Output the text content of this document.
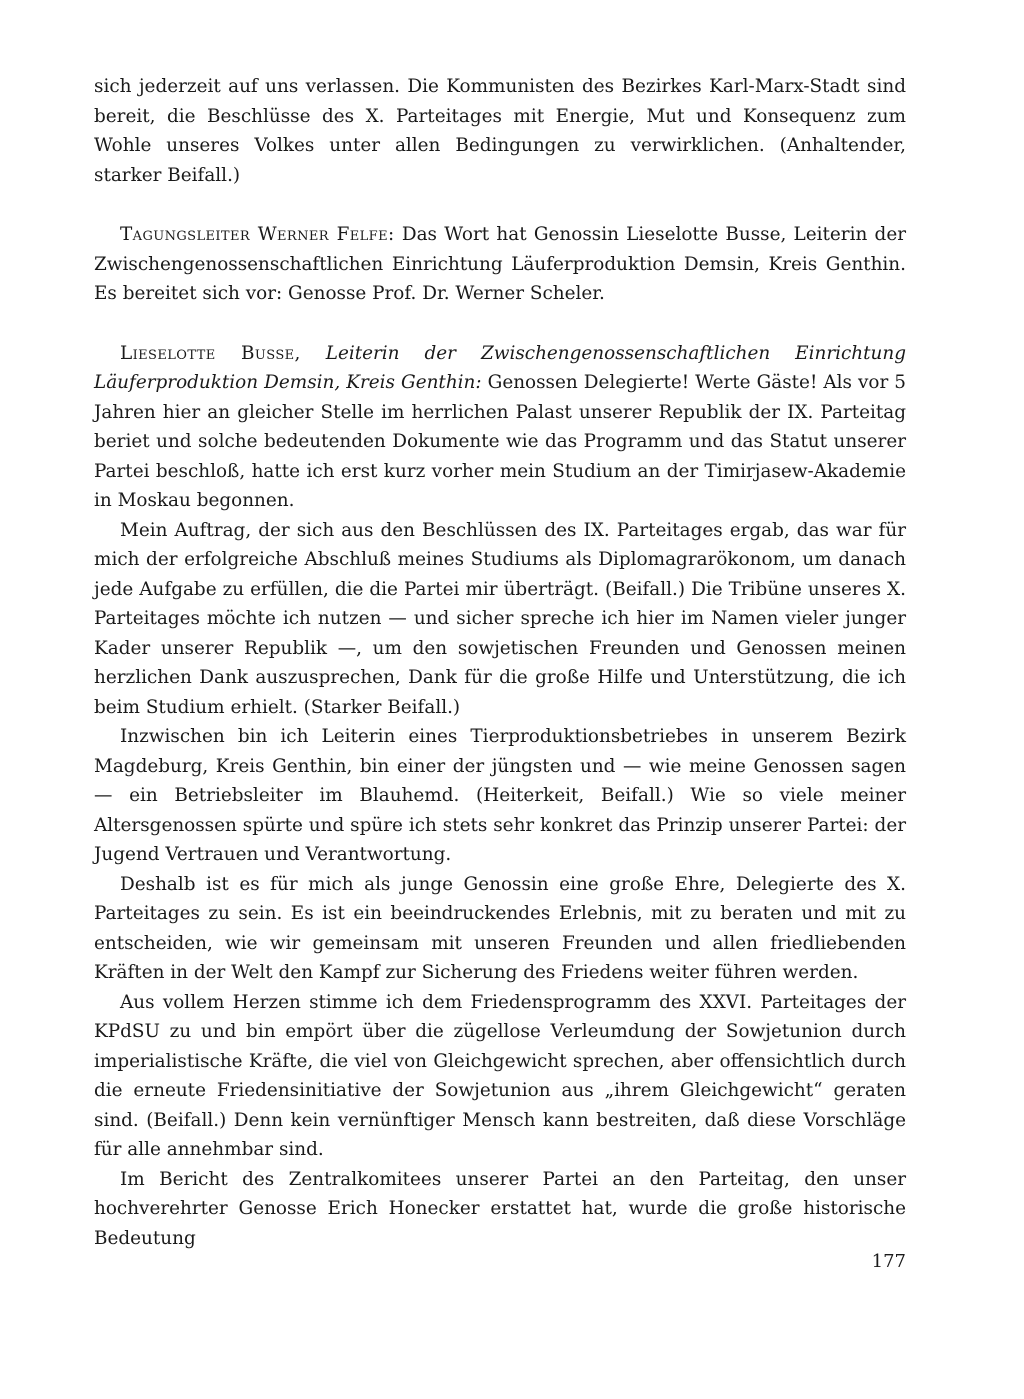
sich jederzeit auf uns verlassen. Die Kommunisten des Bezirkes Karl-Marx-Stadt sind bereit, die Beschlüsse des X. Parteitages mit Energie, Mut und Konsequenz zum Wohle unseres Volkes unter allen Bedingungen zu verwirklichen. (Anhaltender, starker Beifall.)

Tagungsleiter Werner Felfe: Das Wort hat Genossin Lieselotte Busse, Leiterin der Zwischengenossenschaftlichen Einrichtung Läuferproduktion Demsin, Kreis Genthin. Es bereitet sich vor: Genosse Prof. Dr. Werner Scheler.

Lieselotte Busse, Leiterin der Zwischengenossenschaftlichen Einrichtung Läuferproduktion Demsin, Kreis Genthin: Genossen Delegierte! Werte Gäste! Als vor 5 Jahren hier an gleicher Stelle im herrlichen Palast unserer Republik der IX. Parteitag beriet und solche bedeutenden Dokumente wie das Programm und das Statut unserer Partei beschloß, hatte ich erst kurz vorher mein Studium an der Timirjasew-Akademie in Moskau begonnen.

Mein Auftrag, der sich aus den Beschlüssen des IX. Parteitages ergab, das war für mich der erfolgreiche Abschluß meines Studiums als Diplomagrarökonom, um danach jede Aufgabe zu erfüllen, die die Partei mir überträgt. (Beifall.) Die Tribüne unseres X. Parteitages möchte ich nutzen — und sicher spreche ich hier im Namen vieler junger Kader unserer Republik —, um den sowjetischen Freunden und Genossen meinen herzlichen Dank auszusprechen, Dank für die große Hilfe und Unterstützung, die ich beim Studium erhielt. (Starker Beifall.)

Inzwischen bin ich Leiterin eines Tierproduktionsbetriebes in unserem Bezirk Magdeburg, Kreis Genthin, bin einer der jüngsten und — wie meine Genossen sagen — ein Betriebsleiter im Blauhemd. (Heiterkeit, Beifall.) Wie so viele meiner Altersgenossen spürte und spüre ich stets sehr konkret das Prinzip unserer Partei: der Jugend Vertrauen und Verantwortung.

Deshalb ist es für mich als junge Genossin eine große Ehre, Delegierte des X. Parteitages zu sein. Es ist ein beeindruckendes Erlebnis, mit zu beraten und mit zu entscheiden, wie wir gemeinsam mit unseren Freunden und allen friedliebenden Kräften in der Welt den Kampf zur Sicherung des Friedens weiter führen werden.

Aus vollem Herzen stimme ich dem Friedensprogramm des XXVI. Parteitages der KPdSU zu und bin empört über die zügellose Verleumdung der Sowjetunion durch imperialistische Kräfte, die viel von Gleichgewicht sprechen, aber offensichtlich durch die erneute Friedensinitiative der Sowjetunion aus „ihrem Gleichgewicht“ geraten sind. (Beifall.) Denn kein vernünftiger Mensch kann bestreiten, daß diese Vorschläge für alle annehmbar sind.

Im Bericht des Zentralkomitees unserer Partei an den Parteitag, den unser hochverehrter Genosse Erich Honecker erstattet hat, wurde die große historische Bedeutung

177
